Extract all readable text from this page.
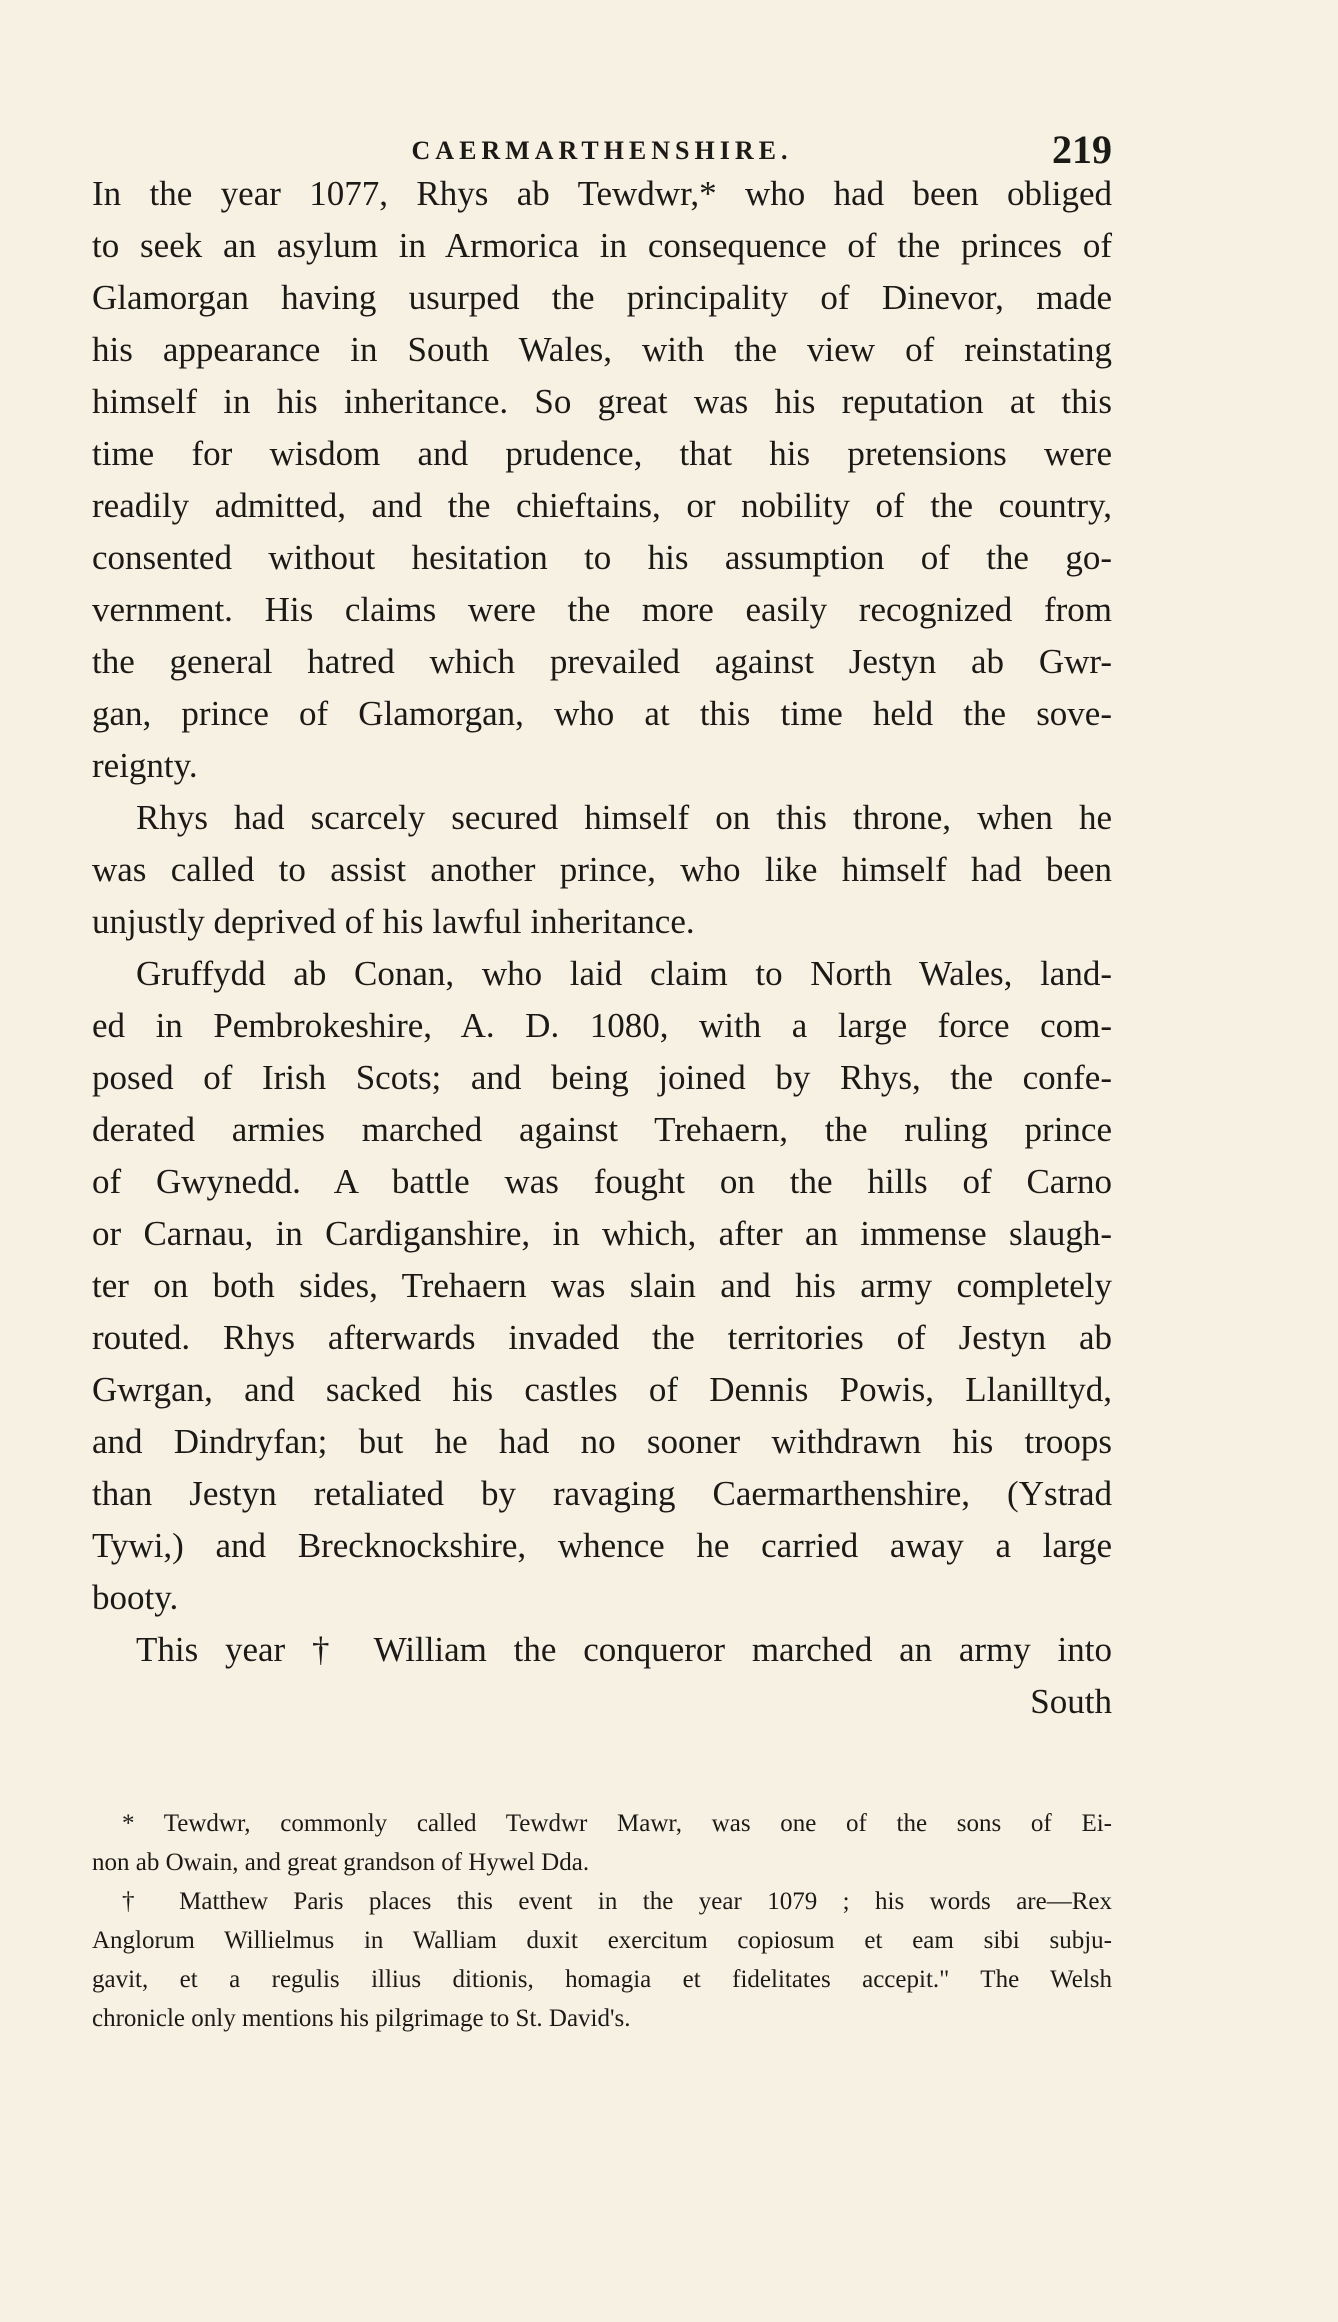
CAERMARTHENSHIRE.	219
In the year 1077, Rhys ab Tewdwr,* who had been obliged
to seek an asylum in Armorica in consequence of the princes of
Glamorgan having usurped the principality of Dinevor, made
his appearance in South Wales, with the view of reinstating
himself in his inheritance. So great was his reputation at this
time for wisdom and prudence, that his pretensions were
readily admitted, and the chieftains, or nobility of the country,
consented without hesitation to his assumption of the go-
vernment. His claims were the more easily recognized from
the general hatred which prevailed against Jestyn ab Gwr-
gan, prince of Glamorgan, who at this time held the sove-
reignty.
Rhys had scarcely secured himself on this throne, when he
was called to assist another prince, who like himself had been
unjustly deprived of his lawful inheritance.
Gruffydd ab Conan, who laid claim to North Wales, land-
ed in Pembrokeshire, A. D. 1080, with a large force com-
posed of Irish Scots; and being joined by Rhys, the confe-
derated armies marched against Trehaern, the ruling prince
of Gwynedd. A battle was fought on the hills of Carno
or Carnau, in Cardiganshire, in which, after an immense slaugh-
ter on both sides, Trehaern was slain and his army completely
routed. Rhys afterwards invaded the territories of Jestyn ab
Gwrgan, and sacked his castles of Dennis Powis, Llanilltyd,
and Dindryfan; but he had no sooner withdrawn his troops
than Jestyn retaliated by ravaging Caermarthenshire, (Ystrad
Tywi,) and Brecknockshire, whence he carried away a large
booty.
This year † William the conqueror marched an army into
South
* Tewdwr, commonly called Tewdwr Mawr, was one of the sons of Ei-
non ab Owain, and great grandson of Hywel Dda.
† Matthew Paris places this event in the year 1079 ; his words are—Rex
Anglorum Willielmus in Walliam duxit exercitum copiosum et eam sibi subju-
gavit, et a regulis illius ditionis, homagia et fidelitates accepit." The Welsh
chronicle only mentions his pilgrimage to St. David's.
